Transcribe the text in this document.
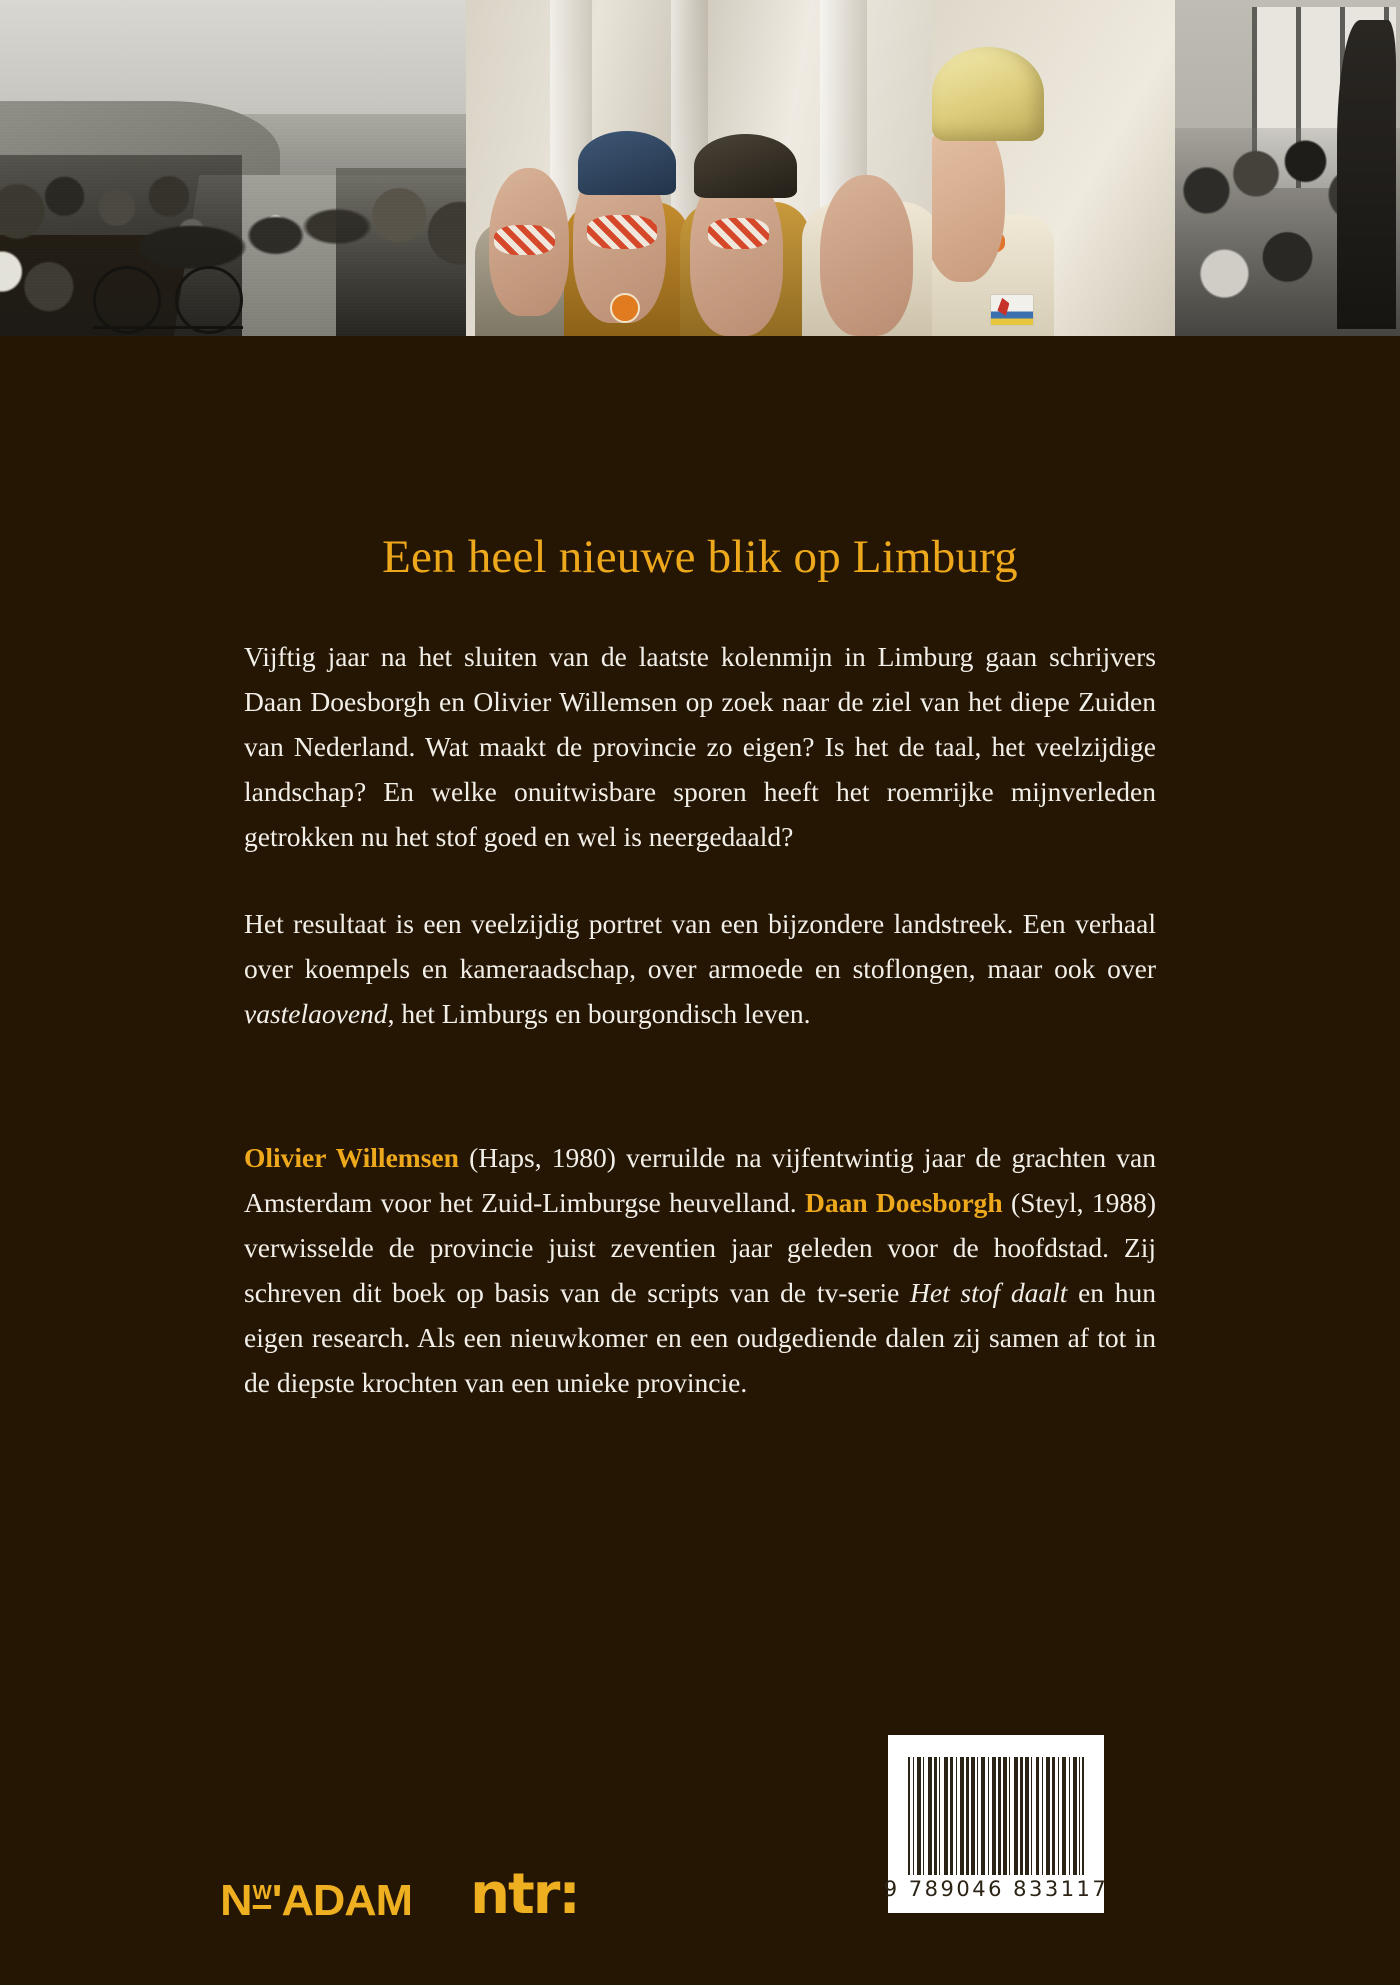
Een heel nieuwe blik op Limburg

Vijftig jaar na het sluiten van de laatste kolenmijn in Limburg gaan schrijvers Daan Doesborgh en Olivier Willemsen op zoek naar de ziel van het diepe Zuiden van Nederland. Wat maakt de provincie zo eigen? Is het de taal, het veelzijdige landschap? En welke onuitwisbare sporen heeft het roemrijke mijnverleden getrokken nu het stof goed en wel is neergedaald?

Het resultaat is een veelzijdig portret van een bijzondere landstreek. Een verhaal over koempels en kameraadschap, over armoede en stoflongen, maar ook over vastelaovend, het Limburgs en bourgondisch leven.

Olivier Willemsen (Haps, 1980) verruilde na vijfentwintig jaar de grachten van Amsterdam voor het Zuid-Limburgse heuvelland. Daan Doesborgh (Steyl, 1988) verwisselde de provincie juist zeventien jaar geleden voor de hoofdstad. Zij schreven dit boek op basis van de scripts van de tv-serie Het stof daalt en hun eigen research. Als een nieuwkomer en een oudgediende dalen zij samen af tot in de diepste krochten van een unieke provincie.

N W 'ADAM ntr:	9 789046 833117
